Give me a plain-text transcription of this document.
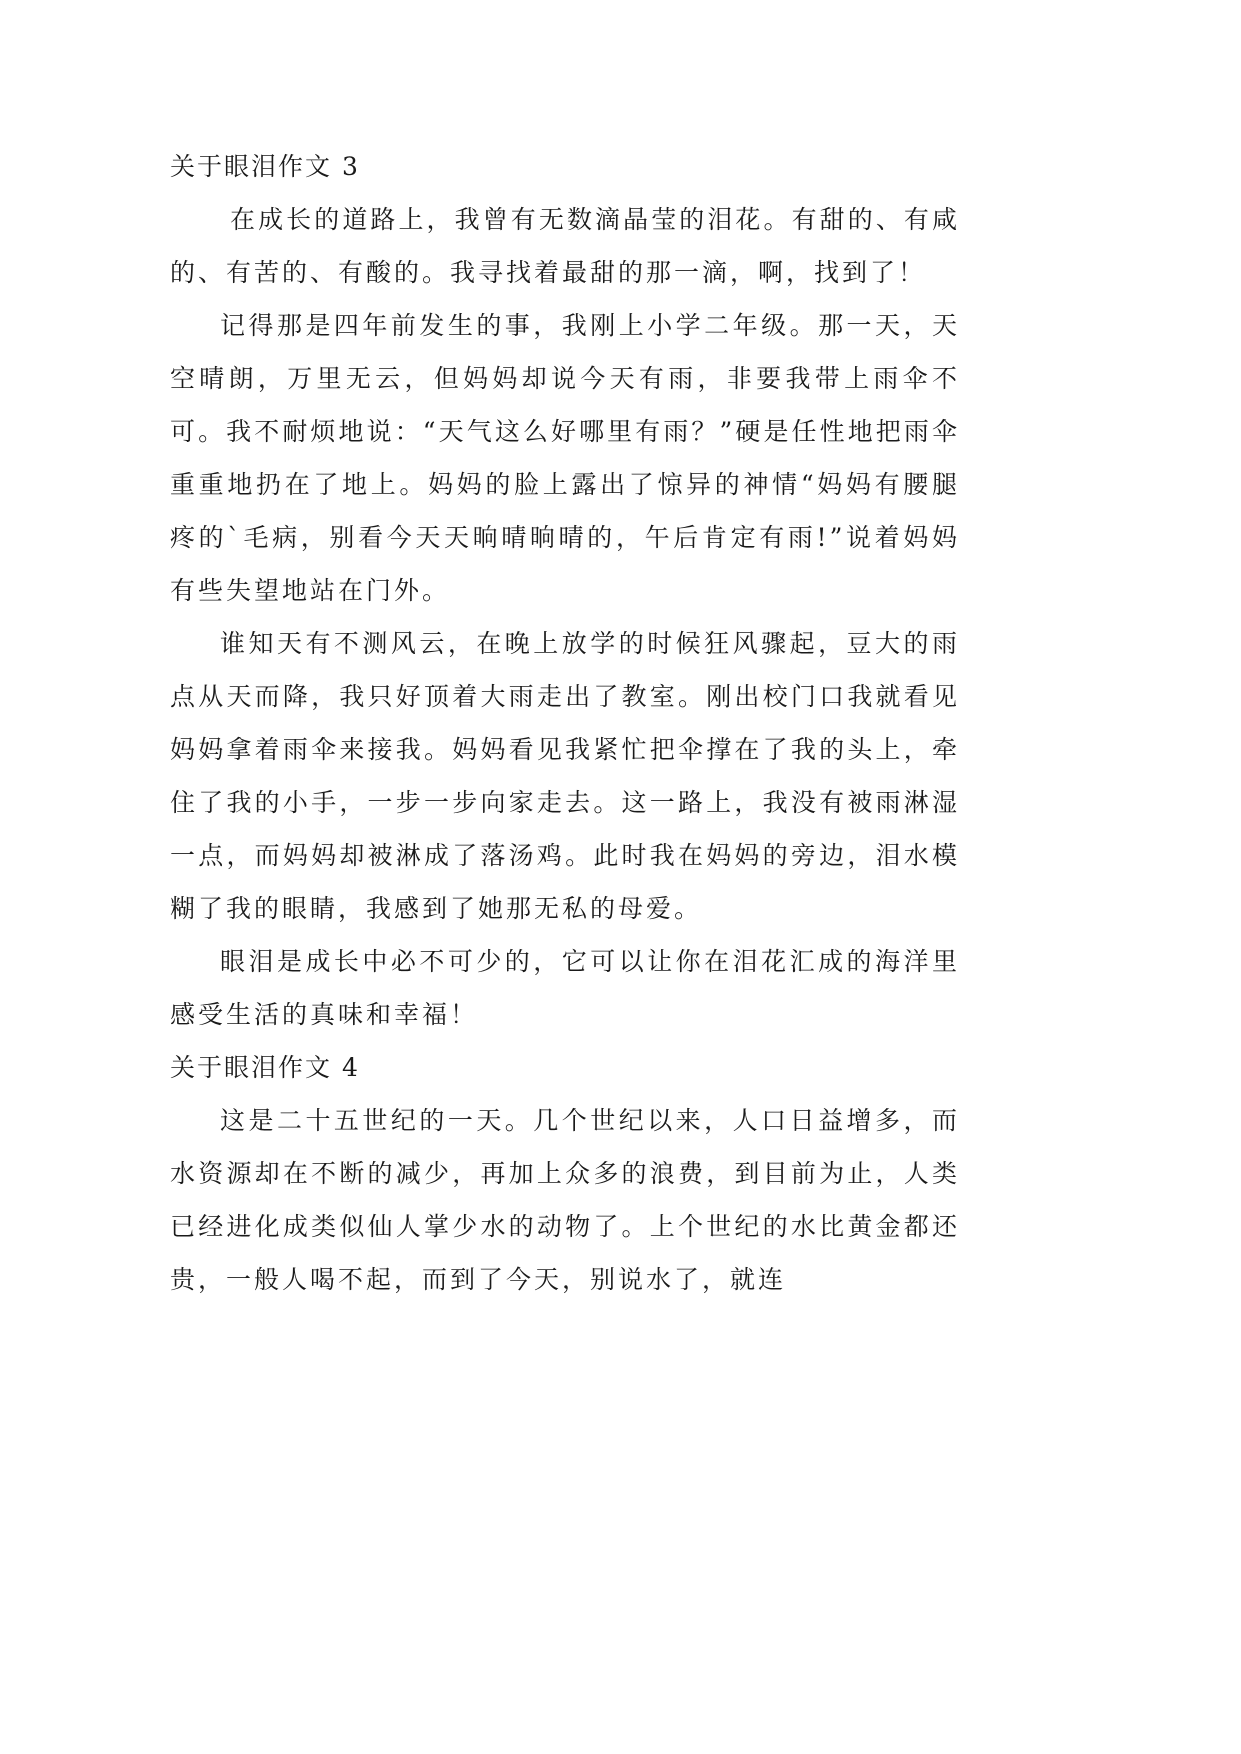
关于眼泪作文 3

在成长的道路上，我曾有无数滴晶莹的泪花。有甜的、有咸的、有苦的、有酸的。我寻找着最甜的那一滴，啊，找到了！

记得那是四年前发生的事，我刚上小学二年级。那一天，天空晴朗，万里无云，但妈妈却说今天有雨，非要我带上雨伞不可。我不耐烦地说：“天气这么好哪里有雨？”硬是任性地把雨伞重重地扔在了地上。妈妈的脸上露出了惊异的神情“妈妈有腰腿疼的`毛病，别看今天天晌晴晌晴的，午后肯定有雨!”说着妈妈有些失望地站在门外。

谁知天有不测风云，在晚上放学的时候狂风骤起，豆大的雨点从天而降，我只好顶着大雨走出了教室。刚出校门口我就看见妈妈拿着雨伞来接我。妈妈看见我紧忙把伞撑在了我的头上，牵住了我的小手，一步一步向家走去。这一路上，我没有被雨淋湿一点，而妈妈却被淋成了落汤鸡。此时我在妈妈的旁边，泪水模糊了我的眼睛，我感到了她那无私的母爱。

眼泪是成长中必不可少的，它可以让你在泪花汇成的海洋里感受生活的真味和幸福！

关于眼泪作文 4

这是二十五世纪的一天。几个世纪以来，人口日益增多，而水资源却在不断的减少，再加上众多的浪费，到目前为止，人类已经进化成类似仙人掌少水的动物了。上个世纪的水比黄金都还贵，一般人喝不起，而到了今天，别说水了，就连
